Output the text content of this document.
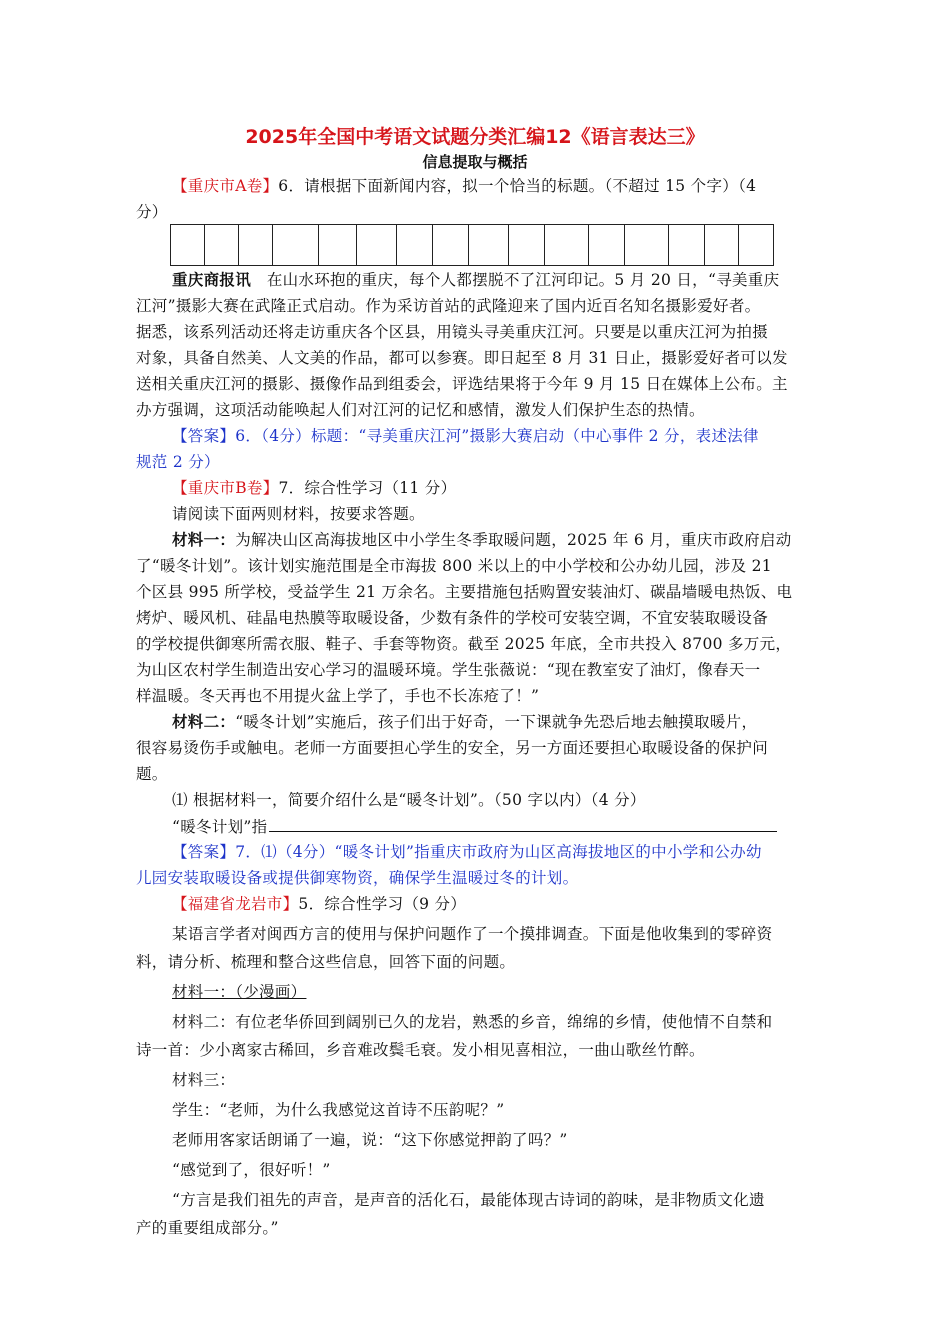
2025年全国中考语文试题分类汇编12《语言表达三》
信息提取与概括
【重庆市A卷】6．请根据下面新闻内容，拟一个恰当的标题。（不超过 15 个字）（4
分）
重庆商报讯　在山水环抱的重庆，每个人都摆脱不了江河印记。5 月 20 日，“寻美重庆
江河”摄影大赛在武隆正式启动。作为采访首站的武隆迎来了国内近百名知名摄影爱好者。
据悉，该系列活动还将走访重庆各个区县，用镜头寻美重庆江河。只要是以重庆江河为拍摄
对象，具备自然美、人文美的作品，都可以参赛。即日起至 8 月 31 日止，摄影爱好者可以发
送相关重庆江河的摄影、摄像作品到组委会，评选结果将于今年 9 月 15 日在媒体上公布。主
办方强调，这项活动能唤起人们对江河的记忆和感情，激发人们保护生态的热情。
【答案】6．（4分）标题：“寻美重庆江河”摄影大赛启动（中心事件 2 分，表述法律
规范 2 分）
【重庆市B卷】7．综合性学习（11 分）
请阅读下面两则材料，按要求答题。
材料一：为解决山区高海拔地区中小学生冬季取暖问题，2025 年 6 月，重庆市政府启动
了“暖冬计划”。该计划实施范围是全市海拔 800 米以上的中小学校和公办幼儿园，涉及 21
个区县 995 所学校，受益学生 21 万余名。主要措施包括购置安装油灯、碳晶墙暖电热饭、电
烤炉、暖风机、硅晶电热膜等取暖设备，少数有条件的学校可安装空调，不宜安装取暖设备
的学校提供御寒所需衣服、鞋子、手套等物资。截至 2025 年底，全市共投入 8700 多万元，
为山区农村学生制造出安心学习的温暖环境。学生张薇说：“现在教室安了油灯，像春天一
样温暖。冬天再也不用提火盆上学了，手也不长冻疮了！”
材料二：“暖冬计划”实施后，孩子们出于好奇，一下课就争先恐后地去触摸取暖片，
很容易烫伤手或触电。老师一方面要担心学生的安全，另一方面还要担心取暖设备的保护问
题。
⑴ 根据材料一，简要介绍什么是“暖冬计划”。（50 字以内）（4 分）
“暖冬计划”指
【答案】7．⑴（4分）“暖冬计划”指重庆市政府为山区高海拔地区的中小学和公办幼
儿园安装取暖设备或提供御寒物资，确保学生温暖过冬的计划。
【福建省龙岩市】5．综合性学习（9 分）
某语言学者对闽西方言的使用与保护问题作了一个摸排调查。下面是他收集到的零碎资
料，请分析、梳理和整合这些信息，回答下面的问题。
材料一：（少漫画）
材料二：有位老华侨回到阔别已久的龙岩，熟悉的乡音，绵绵的乡情，使他情不自禁和
诗一首：少小离家古稀回，乡音难改鬓毛衰。发小相见喜相泣，一曲山歌丝竹醉。
材料三：
学生：“老师，为什么我感觉这首诗不压韵呢？”
老师用客家话朗诵了一遍，说：“这下你感觉押韵了吗？”
“感觉到了，很好听！”
“方言是我们祖先的声音，是声音的活化石，最能体现古诗词的韵味，是非物质文化遗
产的重要组成部分。”
